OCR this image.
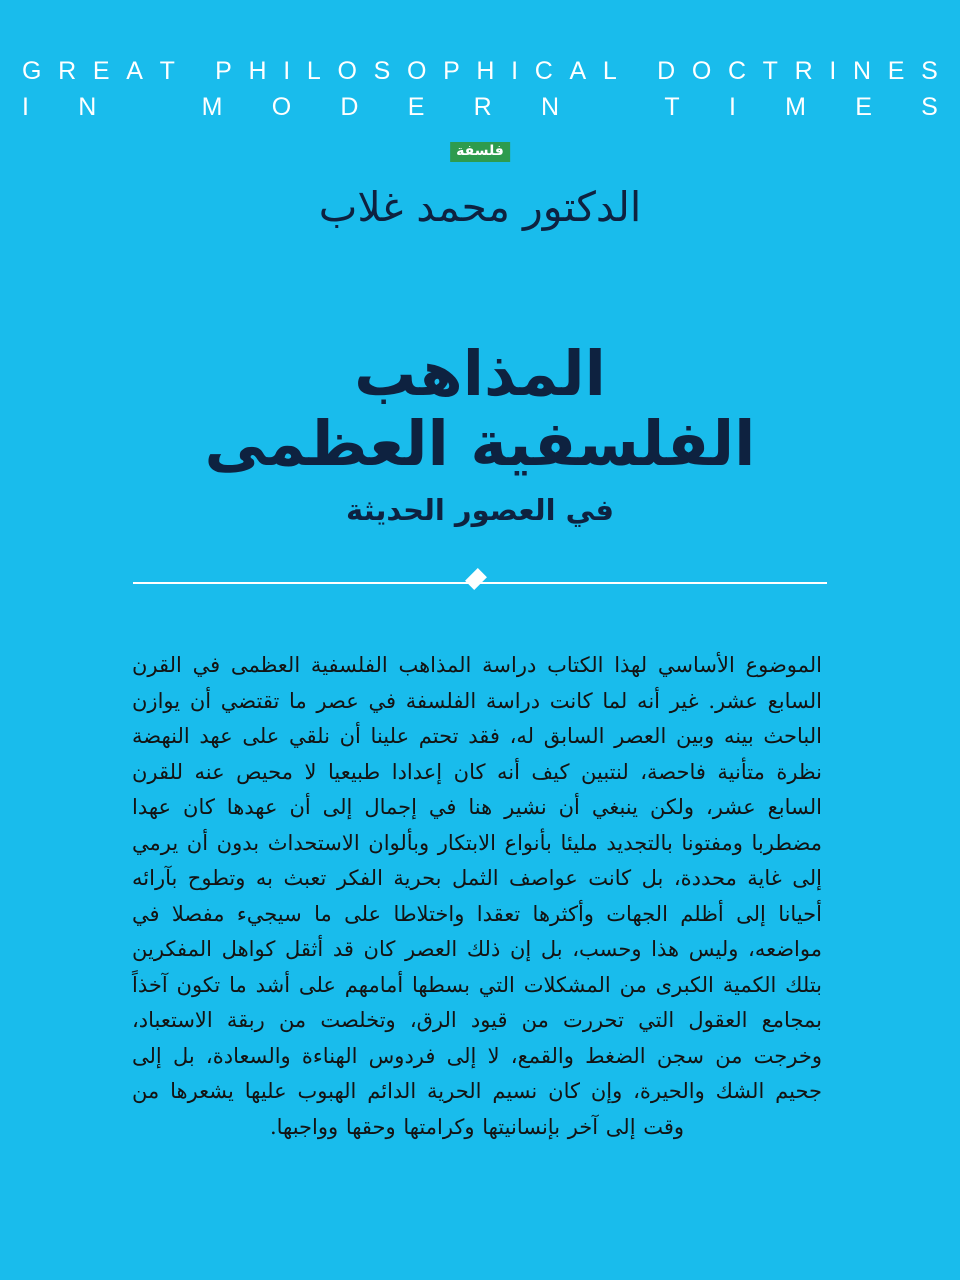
G R E A T
P H I L O S O P H I C A L
D O C T R I N E S
I N
	M O D E R N
	T I M E S
فلسفة
الدكتور محمد غلاب
المذاهب
الفلسفية العظمى
في العصور الحديثة
الموضوع الأساسي لهذا الكتاب دراسة المذاهب الفلسفية العظمى في القرن السابع عشر. غير أنه لما كانت دراسة الفلسفة في عصر ما تقتضي أن يوازن الباحث بينه وبين العصر السابق له، فقد تحتم علينا أن نلقي على عهد النهضة نظرة متأنية فاحصة، لنتبين كيف أنه كان إعدادا طبيعيا لا محيص عنه للقرن السابع عشر، ولكن ينبغي أن نشير هنا في إجمال إلى أن عهدها كان عهدا مضطربا ومفتونا بالتجديد مليئا بأنواع الابتكار وبألوان الاستحداث بدون أن يرمي إلى غاية محددة، بل كانت عواصف الثمل بحرية الفكر تعبث به وتطوح بآرائه أحيانا إلى أظلم الجهات وأكثرها تعقدا واختلاطا على ما سيجيء مفصلا في مواضعه، وليس هذا وحسب، بل إن ذلك العصر كان قد أثقل كواهل المفكرين بتلك الكمية الكبرى من المشكلات التي بسطها أمامهم على أشد ما تكون آخذاً بمجامع العقول التي تحررت من قيود الرق، وتخلصت من ربقة الاستعباد، وخرجت من سجن الضغط والقمع، لا إلى فردوس الهناءة والسعادة، بل إلى جحيم الشك والحيرة، وإن كان نسيم الحرية الدائم الهبوب عليها يشعرها من وقت إلى آخر بإنسانيتها وكرامتها وحقها وواجبها.
